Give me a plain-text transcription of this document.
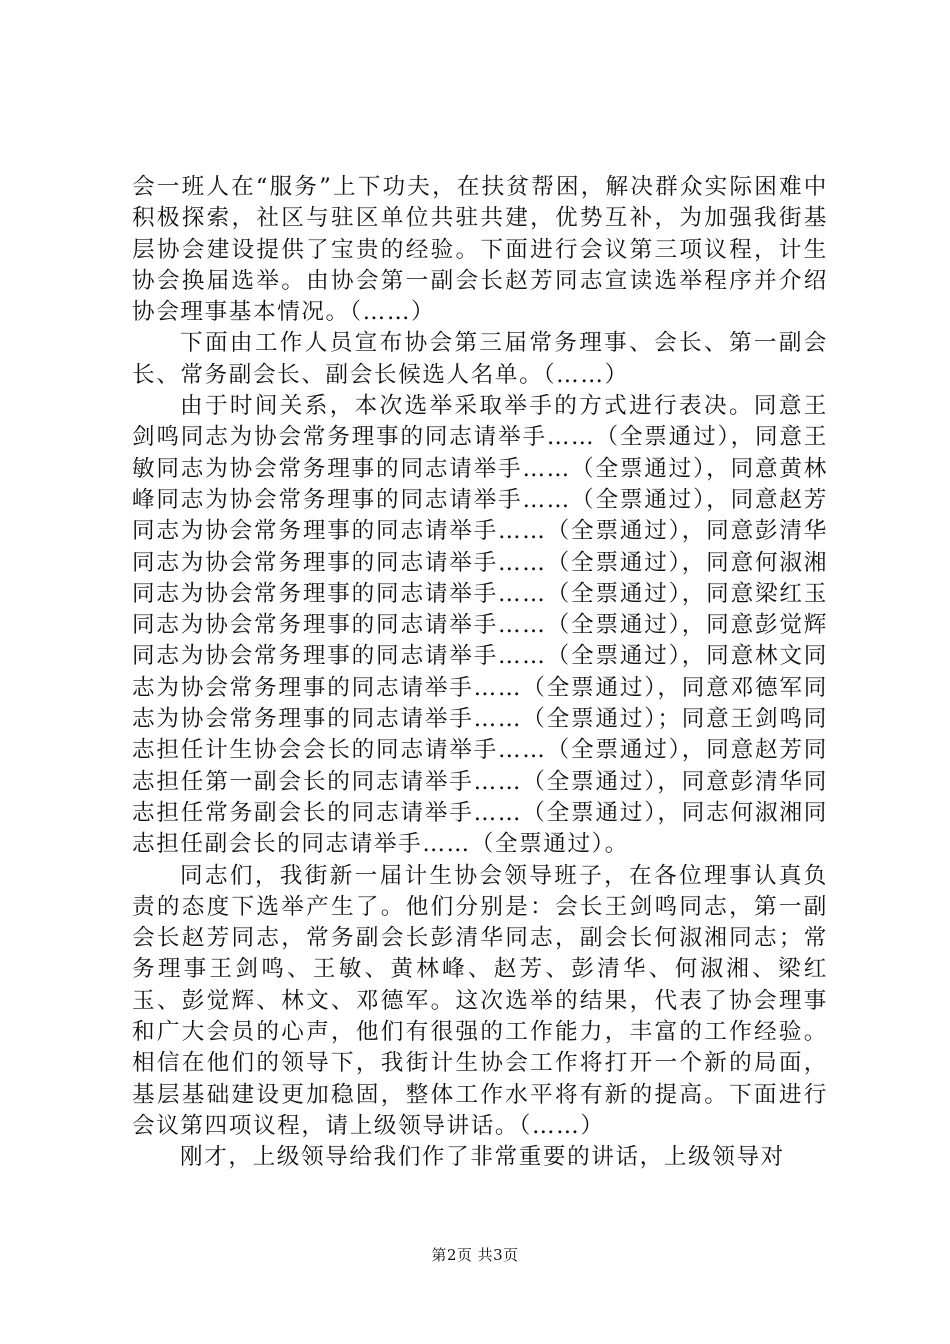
会一班人在“服务”上下功夫，在扶贫帮困，解决群众实际困难中积极探索，社区与驻区单位共驻共建，优势互补，为加强我街基层协会建设提供了宝贵的经验。下面进行会议第三项议程，计生协会换届选举。由协会第一副会长赵芳同志宣读选举程序并介绍协会理事基本情况。（……）

下面由工作人员宣布协会第三届常务理事、会长、第一副会长、常务副会长、副会长候选人名单。（……）

由于时间关系，本次选举采取举手的方式进行表决。同意王剑鸣同志为协会常务理事的同志请举手……（全票通过），同意王敏同志为协会常务理事的同志请举手……（全票通过），同意黄林峰同志为协会常务理事的同志请举手……（全票通过），同意赵芳同志为协会常务理事的同志请举手……（全票通过），同意彭清华同志为协会常务理事的同志请举手……（全票通过），同意何淑湘同志为协会常务理事的同志请举手……（全票通过），同意梁红玉同志为协会常务理事的同志请举手……（全票通过），同意彭觉辉同志为协会常务理事的同志请举手……（全票通过），同意林文同志为协会常务理事的同志请举手……（全票通过），同意邓德军同志为协会常务理事的同志请举手……（全票通过）；同意王剑鸣同志担任计生协会会长的同志请举手……（全票通过），同意赵芳同志担任第一副会长的同志请举手……（全票通过），同意彭清华同志担任常务副会长的同志请举手……（全票通过），同志何淑湘同志担任副会长的同志请举手……（全票通过）。

同志们，我街新一届计生协会领导班子，在各位理事认真负责的态度下选举产生了。他们分别是：会长王剑鸣同志，第一副会长赵芳同志，常务副会长彭清华同志，副会长何淑湘同志；常务理事王剑鸣、王敏、黄林峰、赵芳、彭清华、何淑湘、梁红玉、彭觉辉、林文、邓德军。这次选举的结果，代表了协会理事和广大会员的心声，他们有很强的工作能力，丰富的工作经验。相信在他们的领导下，我街计生协会工作将打开一个新的局面，基层基础建设更加稳固，整体工作水平将有新的提高。下面进行会议第四项议程，请上级领导讲话。（……）

刚才，上级领导给我们作了非常重要的讲话，上级领导对

第2页 共3页
